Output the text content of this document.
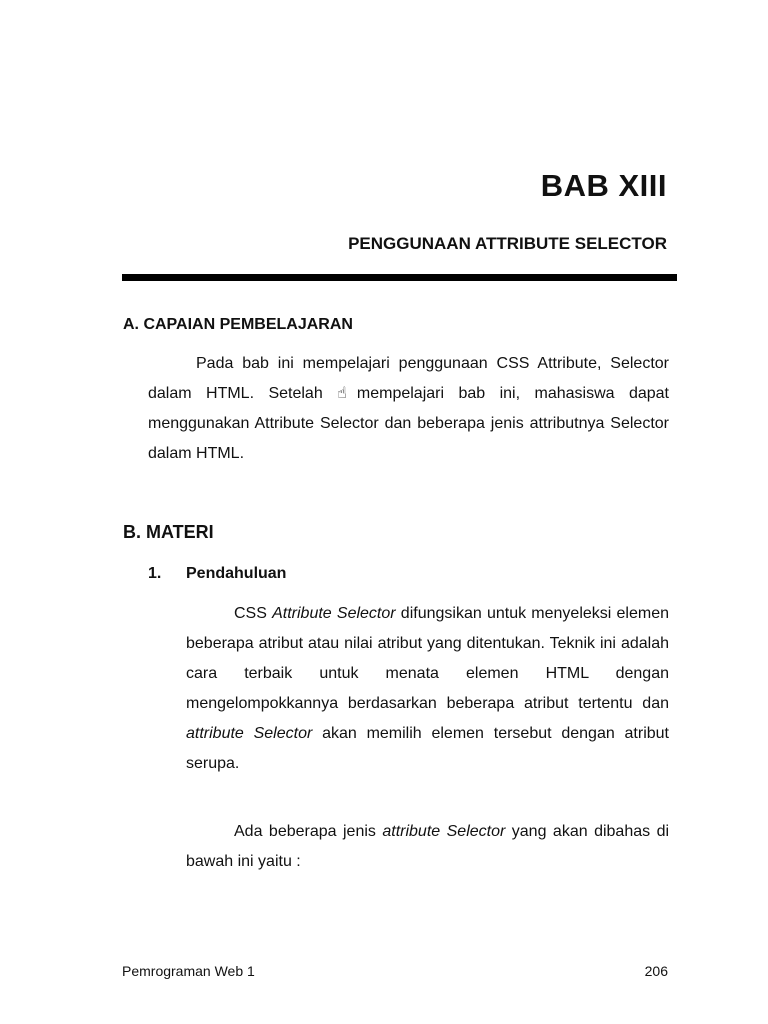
BAB XIII
PENGGUNAAN ATTRIBUTE SELECTOR
A. CAPAIAN PEMBELAJARAN

Pada bab ini mempelajari penggunaan CSS Attribute, Selector dalam HTML. Setelah ☝mempelajari bab ini, mahasiswa dapat menggunakan Attribute Selector dan beberapa jenis attributnya Selector dalam HTML.

B. MATERI
1.	Pendahuluan

CSS Attribute Selector difungsikan untuk menyeleksi elemen beberapa atribut atau nilai atribut yang ditentukan. Teknik ini adalah cara terbaik untuk menata elemen HTML dengan mengelompokkannya berdasarkan beberapa atribut tertentu dan attribute Selector akan memilih elemen tersebut dengan atribut serupa.

Ada beberapa jenis attribute Selector yang akan dibahas di bawah ini yaitu :

Pemrograman Web 1	206
